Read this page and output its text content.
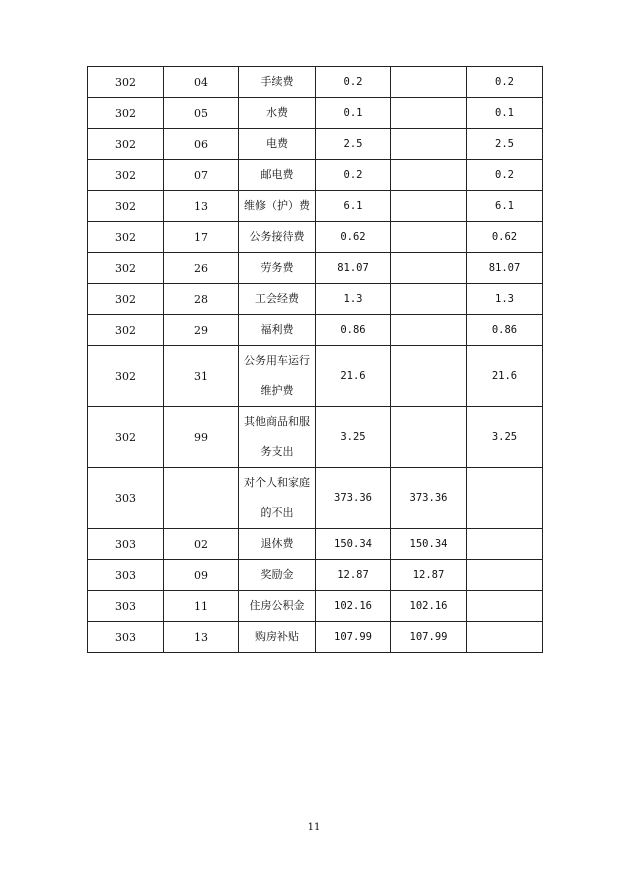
302	04	手续费	0.2		0.2
302	05	水费	0.1		0.1
302	06	电费	2.5		2.5
302	07	邮电费	0.2		0.2
302	13	维修（护）费	6.1		6.1
302	17	公务接待费	0.62		0.62
302	26	劳务费	81.07		81.07
302	28	工会经费	1.3		1.3
302	29	福利费	0.86		0.86
302	31	公务用车运行维护费	21.6		21.6
302	99	其他商品和服务支出	3.25		3.25
303		对个人和家庭的不出	373.36	373.36	
303	02	退休费	150.34	150.34	
303	09	奖励金	12.87	12.87	
303	11	住房公积金	102.16	102.16	
303	13	购房补贴	107.99	107.99	
11
